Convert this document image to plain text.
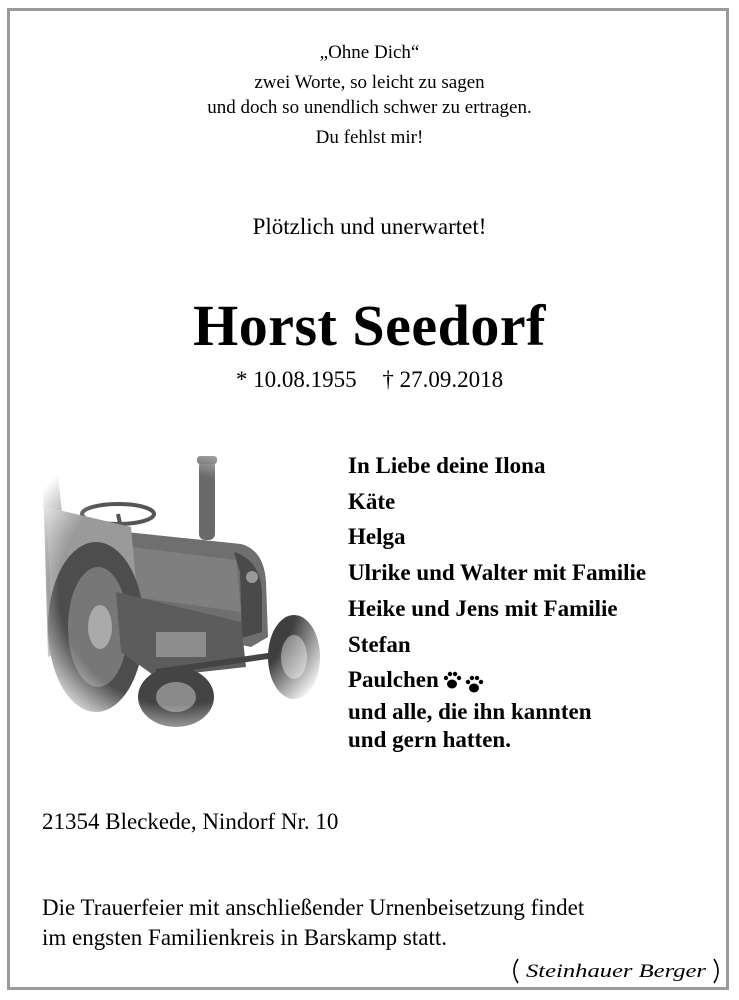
„Ohne Dich“
zwei Worte, so leicht zu sagen
und doch so unendlich schwer zu ertragen.
Du fehlst mir!
Plötzlich und unerwartet!
Horst Seedorf
* 10.08.1955 † 27.09.2018
In Liebe deine Ilona
Käte
Helga
Ulrike und Walter mit Familie
Heike und Jens mit Familie
Stefan
Paulchen
und alle, die ihn kannten
und gern hatten.
21354 Bleckede, Nindorf Nr. 10
Die Trauerfeier mit anschließender Urnenbeisetzung findet
im engsten Familienkreis in Barskamp statt.
Steinhauer Berger
